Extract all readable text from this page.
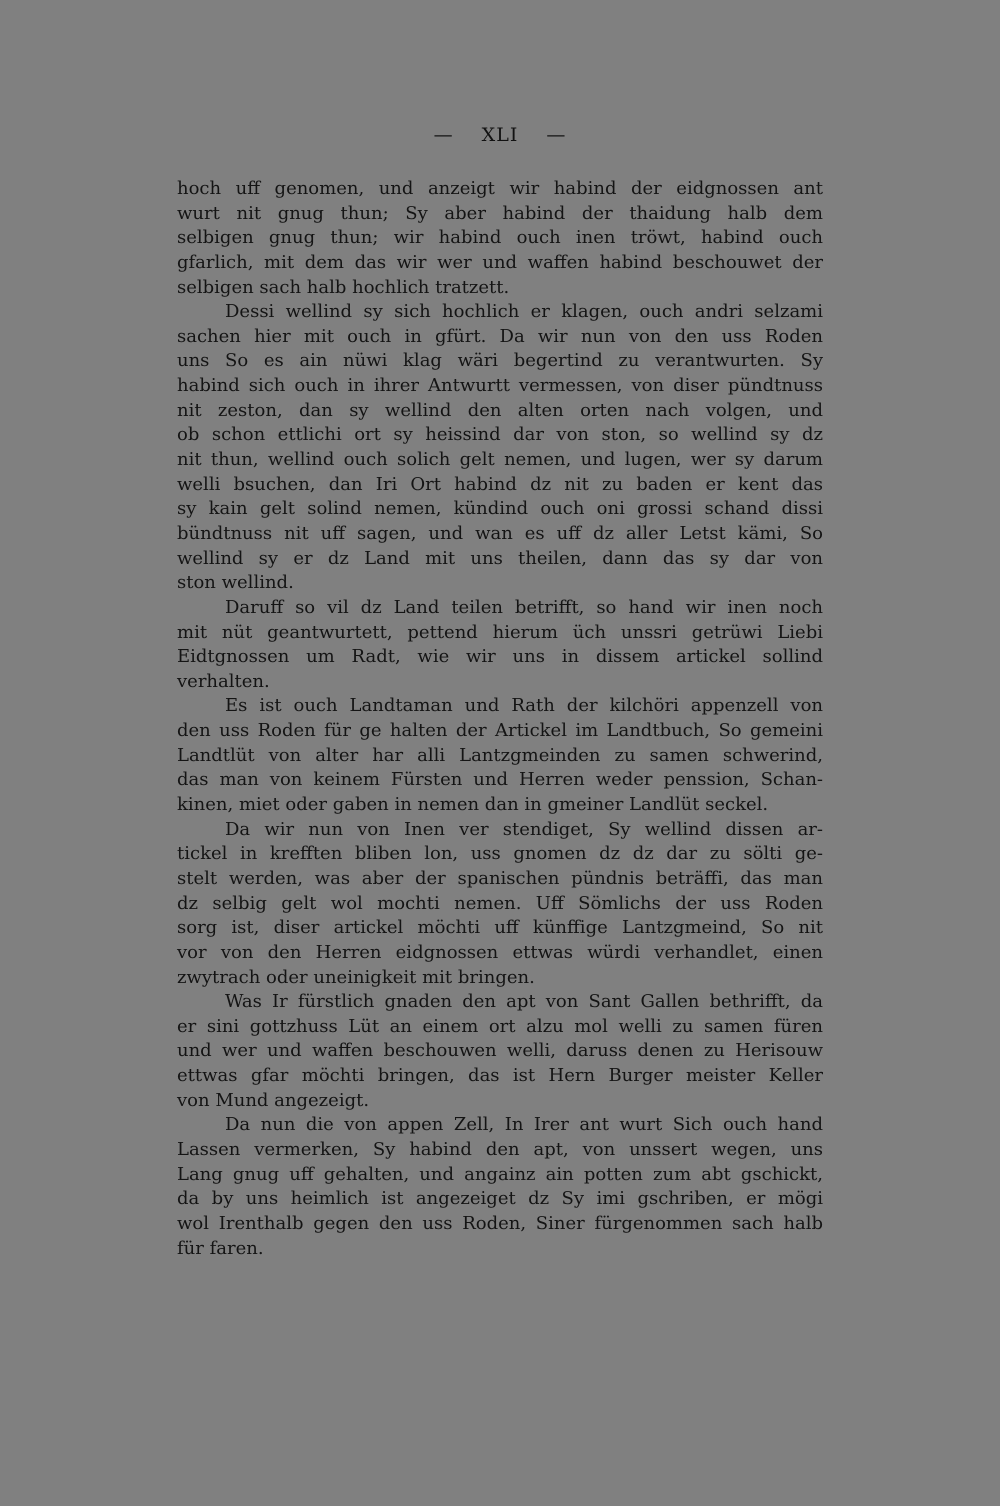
— XLI —
hoch uff genomen, und anzeigt wir habind der eidgnossen ant
wurt nit gnug thun; Sy aber habind der thaidung halb dem
selbigen gnug thun; wir habind ouch inen tröwt, habind ouch
gfarlich, mit dem das wir wer und waffen habind beschouwet der
selbigen sach halb hochlich tratzett.
Dessi wellind sy sich hochlich er klagen, ouch andri selzami
sachen hier mit ouch in gfürt. Da wir nun von den uss Roden
uns So es ain nüwi klag wäri begertind zu verantwurten. Sy
habind sich ouch in ihrer Antwurtt vermessen, von diser pündtnuss
nit zeston, dan sy wellind den alten orten nach volgen, und
ob schon ettlichi ort sy heissind dar von ston, so wellind sy dz
nit thun, wellind ouch solich gelt nemen, und lugen, wer sy darum
welli bsuchen, dan Iri Ort habind dz nit zu baden er kent das
sy kain gelt solind nemen, kündind ouch oni grossi schand dissi
bündtnuss nit uff sagen, und wan es uff dz aller Letst kämi, So
wellind sy er dz Land mit uns theilen, dann das sy dar von
ston wellind.
Daruff so vil dz Land teilen betrifft, so hand wir inen noch
mit nüt geantwurtett, pettend hierum üch unssri getrüwi Liebi
Eidtgnossen um Radt, wie wir uns in dissem artickel sollind
verhalten.
Es ist ouch Landtaman und Rath der kilchöri appenzell von
den uss Roden für ge halten der Artickel im Landtbuch, So gemeini
Landtlüt von alter har alli Lantzgmeinden zu samen schwerind,
das man von keinem Fürsten und Herren weder penssion, Schan-
kinen, miet oder gaben in nemen dan in gmeiner Landlüt seckel.
Da wir nun von Inen ver stendiget, Sy wellind dissen ar-
tickel in krefften bliben lon, uss gnomen dz dz dar zu sölti ge-
stelt werden, was aber der spanischen pündnis beträffi, das man
dz selbig gelt wol mochti nemen. Uff Sömlichs der uss Roden
sorg ist, diser artickel möchti uff künffige Lantzgmeind, So nit
vor von den Herren eidgnossen ettwas würdi verhandlet, einen
zwytrach oder uneinigkeit mit bringen.
Was Ir fürstlich gnaden den apt von Sant Gallen bethrifft, da
er sini gottzhuss Lüt an einem ort alzu mol welli zu samen füren
und wer und waffen beschouwen welli, daruss denen zu Herisouw
ettwas gfar möchti bringen, das ist Hern Burger meister Keller
von Mund angezeigt.
Da nun die von appen Zell, In Irer ant wurt Sich ouch hand
Lassen vermerken, Sy habind den apt, von unssert wegen, uns
Lang gnug uff gehalten, und angainz ain potten zum abt gschickt,
da by uns heimlich ist angezeiget dz Sy imi gschriben, er mögi
wol Irenthalb gegen den uss Roden, Siner fürgenommen sach halb
für faren.
